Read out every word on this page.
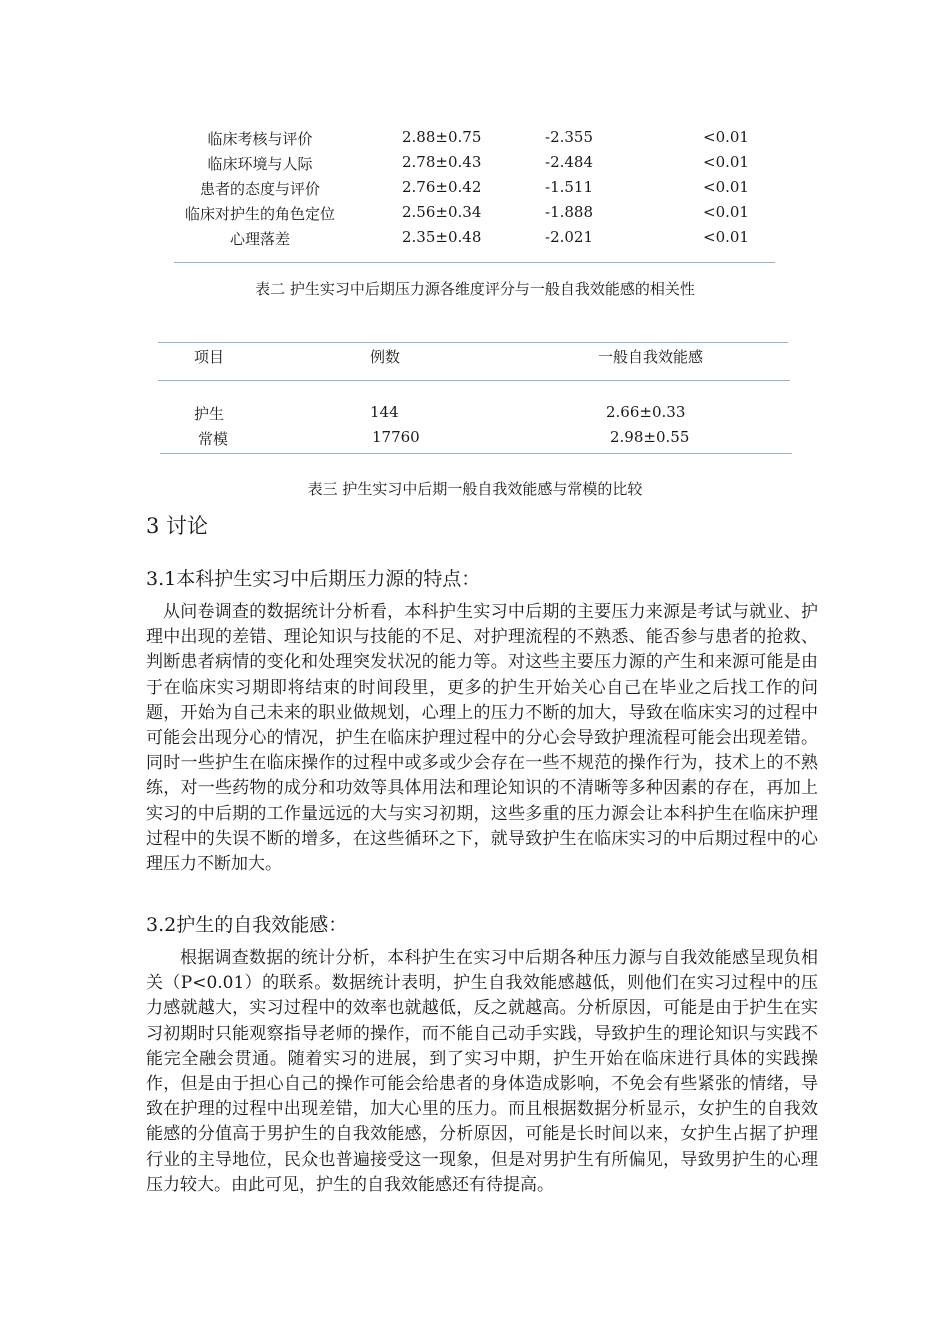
临床考核与评价	2.88±0.75	-2.355	<0.01
临床环境与人际	2.78±0.43	-2.484	<0.01
患者的态度与评价	2.76±0.42	-1.511	<0.01
临床对护生的角色定位	2.56±0.34	-1.888	<0.01
心理落差	2.35±0.48	-2.021	<0.01
表二 护生实习中后期压力源各维度评分与一般自我效能感的相关性
项目	例数	一般自我效能感
护生	144	2.66±0.33
常模	17760	2.98±0.55
表三 护生实习中后期一般自我效能感与常模的比较
3 讨论
3.1本科护生实习中后期压力源的特点：

从问卷调查的数据统计分析看，本科护生实习中后期的主要压力来源是考试与就业、护理中出现的差错、理论知识与技能的不足、对护理流程的不熟悉、能否参与患者的抢救、判断患者病情的变化和处理突发状况的能力等。对这些主要压力源的产生和来源可能是由于在临床实习期即将结束的时间段里，更多的护生开始关心自己在毕业之后找工作的问题，开始为自己未来的职业做规划，心理上的压力不断的加大，导致在临床实习的过程中可能会出现分心的情况，护生在临床护理过程中的分心会导致护理流程可能会出现差错。同时一些护生在临床操作的过程中或多或少会存在一些不规范的操作行为，技术上的不熟练，对一些药物的成分和功效等具体用法和理论知识的不清晰等多种因素的存在，再加上实习的中后期的工作量远远的大与实习初期，这些多重的压力源会让本科护生在临床护理过程中的失误不断的增多，在这些循环之下，就导致护生在临床实习的中后期过程中的心理压力不断加大。

3.2护生的自我效能感：

根据调查数据的统计分析，本科护生在实习中后期各种压力源与自我效能感呈现负相关（P<0.01）的联系。数据统计表明，护生自我效能感越低，则他们在实习过程中的压力感就越大，实习过程中的效率也就越低，反之就越高。分析原因，可能是由于护生在实习初期时只能观察指导老师的操作，而不能自己动手实践，导致护生的理论知识与实践不能完全融会贯通。随着实习的进展，到了实习中期，护生开始在临床进行具体的实践操作，但是由于担心自己的操作可能会给患者的身体造成影响，不免会有些紧张的情绪，导致在护理的过程中出现差错，加大心里的压力。而且根据数据分析显示，女护生的自我效能感的分值高于男护生的自我效能感，分析原因，可能是长时间以来，女护生占据了护理行业的主导地位，民众也普遍接受这一现象，但是对男护生有所偏见，导致男护生的心理压力较大。由此可见，护生的自我效能感还有待提高。
